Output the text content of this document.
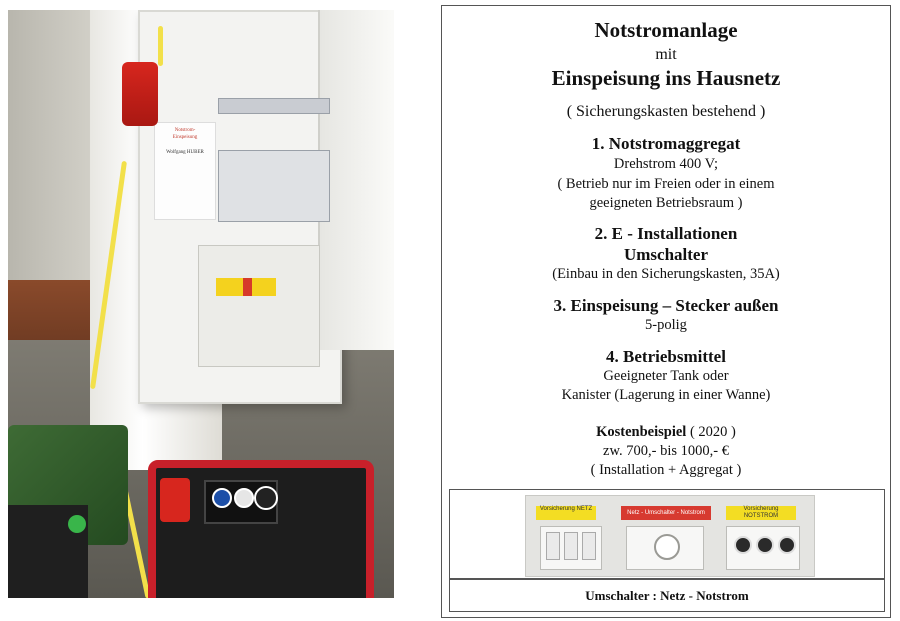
Notstrom-
Einspeisung
Wolfgang HUBER
Notstromanlage
mit
Einspeisung ins Hausnetz
( Sicherungskasten bestehend )
1. Notstromaggregat
Drehstrom 400 V;
( Betrieb nur im Freien oder in einem
geeigneten Betriebsraum )
2. E - Installationen
Umschalter
(Einbau in den Sicherungskasten, 35A)
3. Einspeisung – Stecker außen
5-polig
4. Betriebsmittel
Geeigneter Tank oder
Kanister (Lagerung in einer Wanne)
Kostenbeispiel ( 2020 )
zw. 700,- bis 1000,- €
( Installation + Aggregat )
Vorsicherung NETZ
Netz - Umschalter - Notstrom
Vorsicherung NOTSTROM
Umschalter : Netz - Notstrom
